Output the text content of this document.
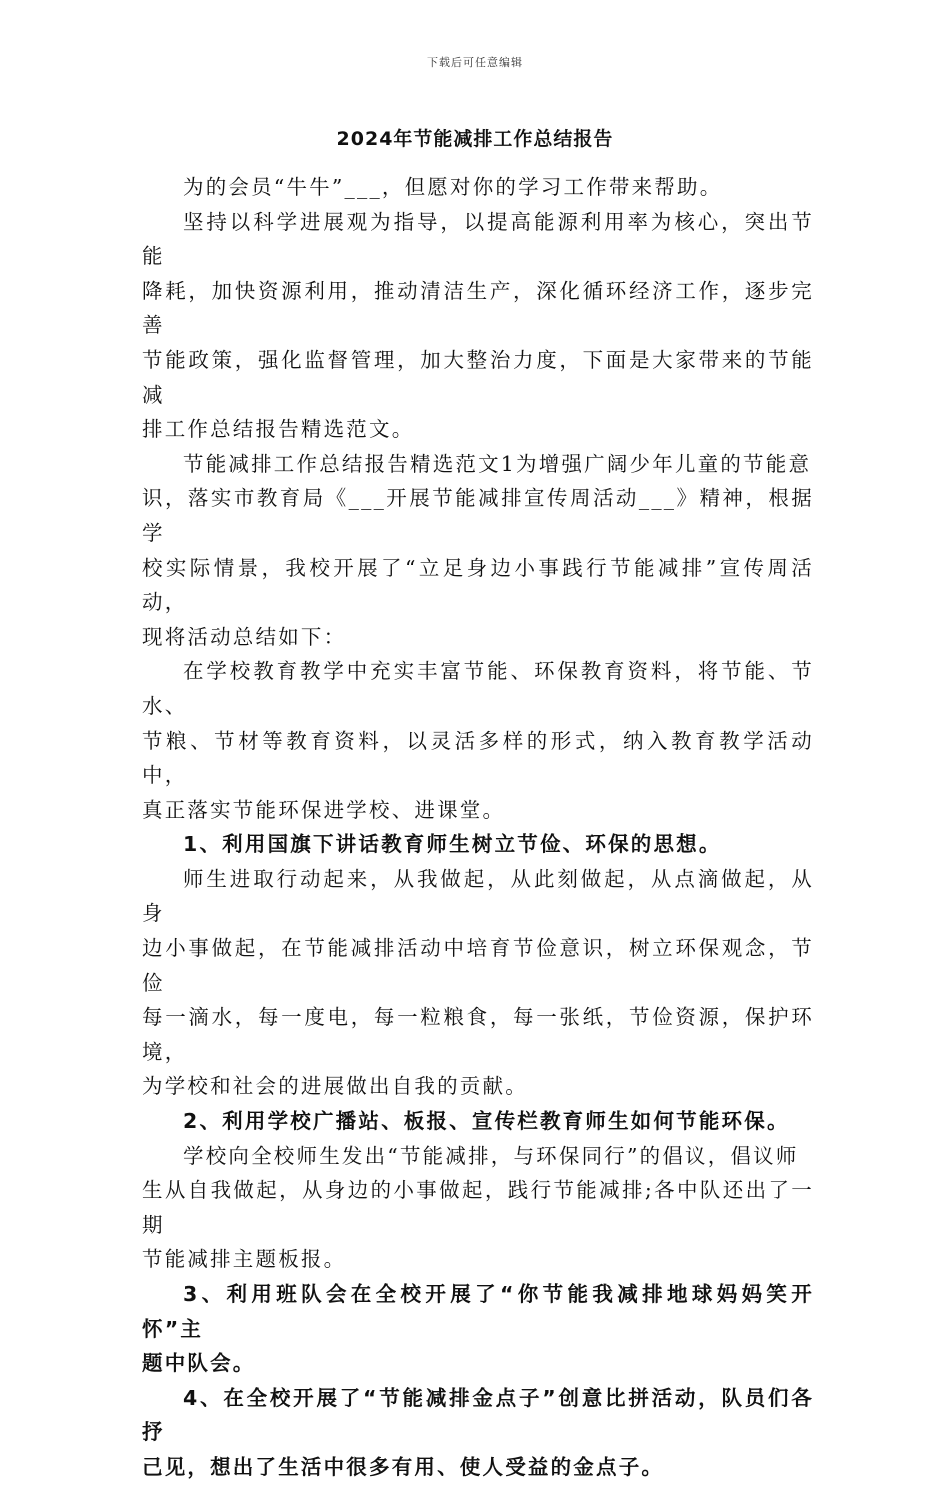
下载后可任意编辑
2024年节能减排工作总结报告

为的会员“牛牛”___，但愿对你的学习工作带来帮助。

坚持以科学进展观为指导，以提高能源利用率为核心，突出节能
降耗，加快资源利用，推动清洁生产，深化循环经济工作，逐步完善
节能政策，强化监督管理，加大整治力度，下面是大家带来的节能减
排工作总结报告精选范文。

节能减排工作总结报告精选范文1为增强广阔少年儿童的节能意
识，落实市教育局《___开展节能减排宣传周活动___》精神，根据学
校实际情景，我校开展了“立足身边小事践行节能减排”宣传周活动，
现将活动总结如下：

在学校教育教学中充实丰富节能、环保教育资料，将节能、节水、
节粮、节材等教育资料，以灵活多样的形式，纳入教育教学活动中，
真正落实节能环保进学校、进课堂。

1、利用国旗下讲话教育师生树立节俭、环保的思想。

师生进取行动起来，从我做起，从此刻做起，从点滴做起，从身
边小事做起，在节能减排活动中培育节俭意识，树立环保观念，节俭
每一滴水，每一度电，每一粒粮食，每一张纸，节俭资源，保护环境，
为学校和社会的进展做出自我的贡献。

2、利用学校广播站、板报、宣传栏教育师生如何节能环保。

学校向全校师生发出“节能减排，与环保同行”的倡议，倡议师
生从自我做起，从身边的小事做起，践行节能减排;各中队还出了一期
节能减排主题板报。

3、利用班队会在全校开展了“你节能我减排地球妈妈笑开怀”主
题中队会。

4、在全校开展了“节能减排金点子”创意比拼活动，队员们各抒
己见，想出了生活中很多有用、使人受益的金点子。
